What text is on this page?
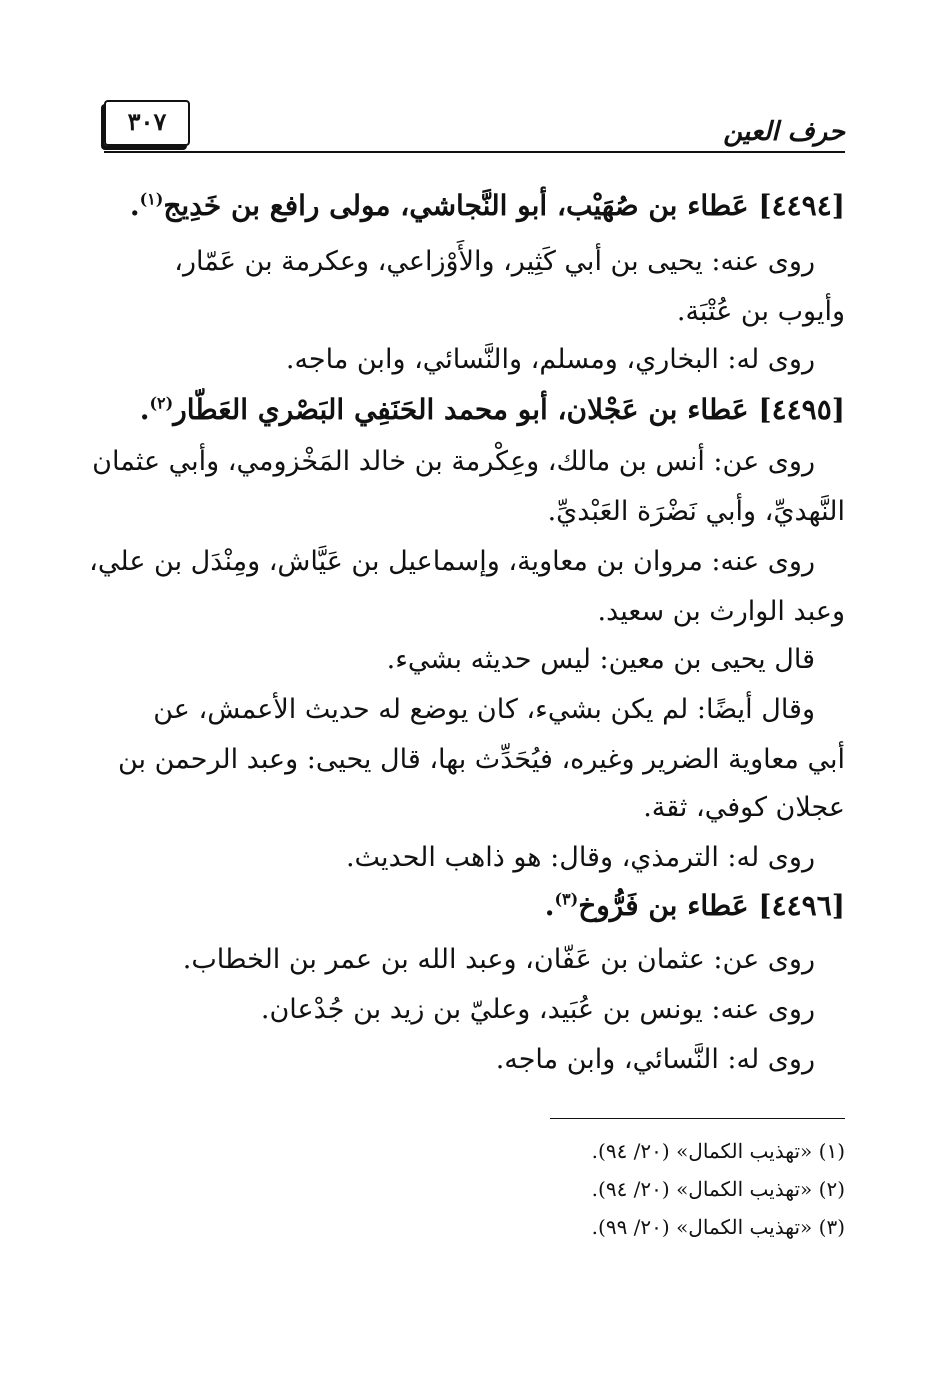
٣٠٧	حرف العين
[٤٤٩٤] عَطاء بن صُهَيْب، أبو النَّجاشي، مولى رافع بن خَدِيج$^{(١)}$.
روى عنه: يحيى بن أبي كَثِير، والأَوْزاعي، وعكرمة بن عَمّار،
وأيوب بن عُتْبَة.
روى له: البخاري، ومسلم، والنَّسائي، وابن ماجه.
[٤٤٩٥] عَطاء بن عَجْلان، أبو محمد الحَنَفِي البَصْري العَطّار$^{(٢)}$.
روى عن: أنس بن مالك، وعِكْرمة بن خالد المَخْزومي، وأبي عثمان
النَّهديِّ، وأبي نَضْرَة العَبْديِّ.
روى عنه: مروان بن معاوية، وإسماعيل بن عَيَّاش، ومِنْدَل بن علي،
وعبد الوارث بن سعيد.
قال يحيى بن معين: ليس حديثه بشيء.
وقال أيضًا: لم يكن بشيء، كان يوضع له حديث الأعمش، عن
أبي معاوية الضرير وغيره، فيُحَدِّث بها، قال يحيى: وعبد الرحمن بن
عجلان كوفي، ثقة.
روى له: الترمذي، وقال: هو ذاهب الحديث.
[٤٤٩٦] عَطاء بن فَرُّوخ$^{(٣)}$.
روى عن: عثمان بن عَفّان، وعبد الله بن عمر بن الخطاب.
روى عنه: يونس بن عُبَيد، وعليّ بن زيد بن جُدْعان.
روى له: النَّسائي، وابن ماجه.
(١) «تهذيب الكمال» (٢٠/ ٩٤).
(٢) «تهذيب الكمال» (٢٠/ ٩٤).
(٣) «تهذيب الكمال» (٢٠/ ٩٩).
